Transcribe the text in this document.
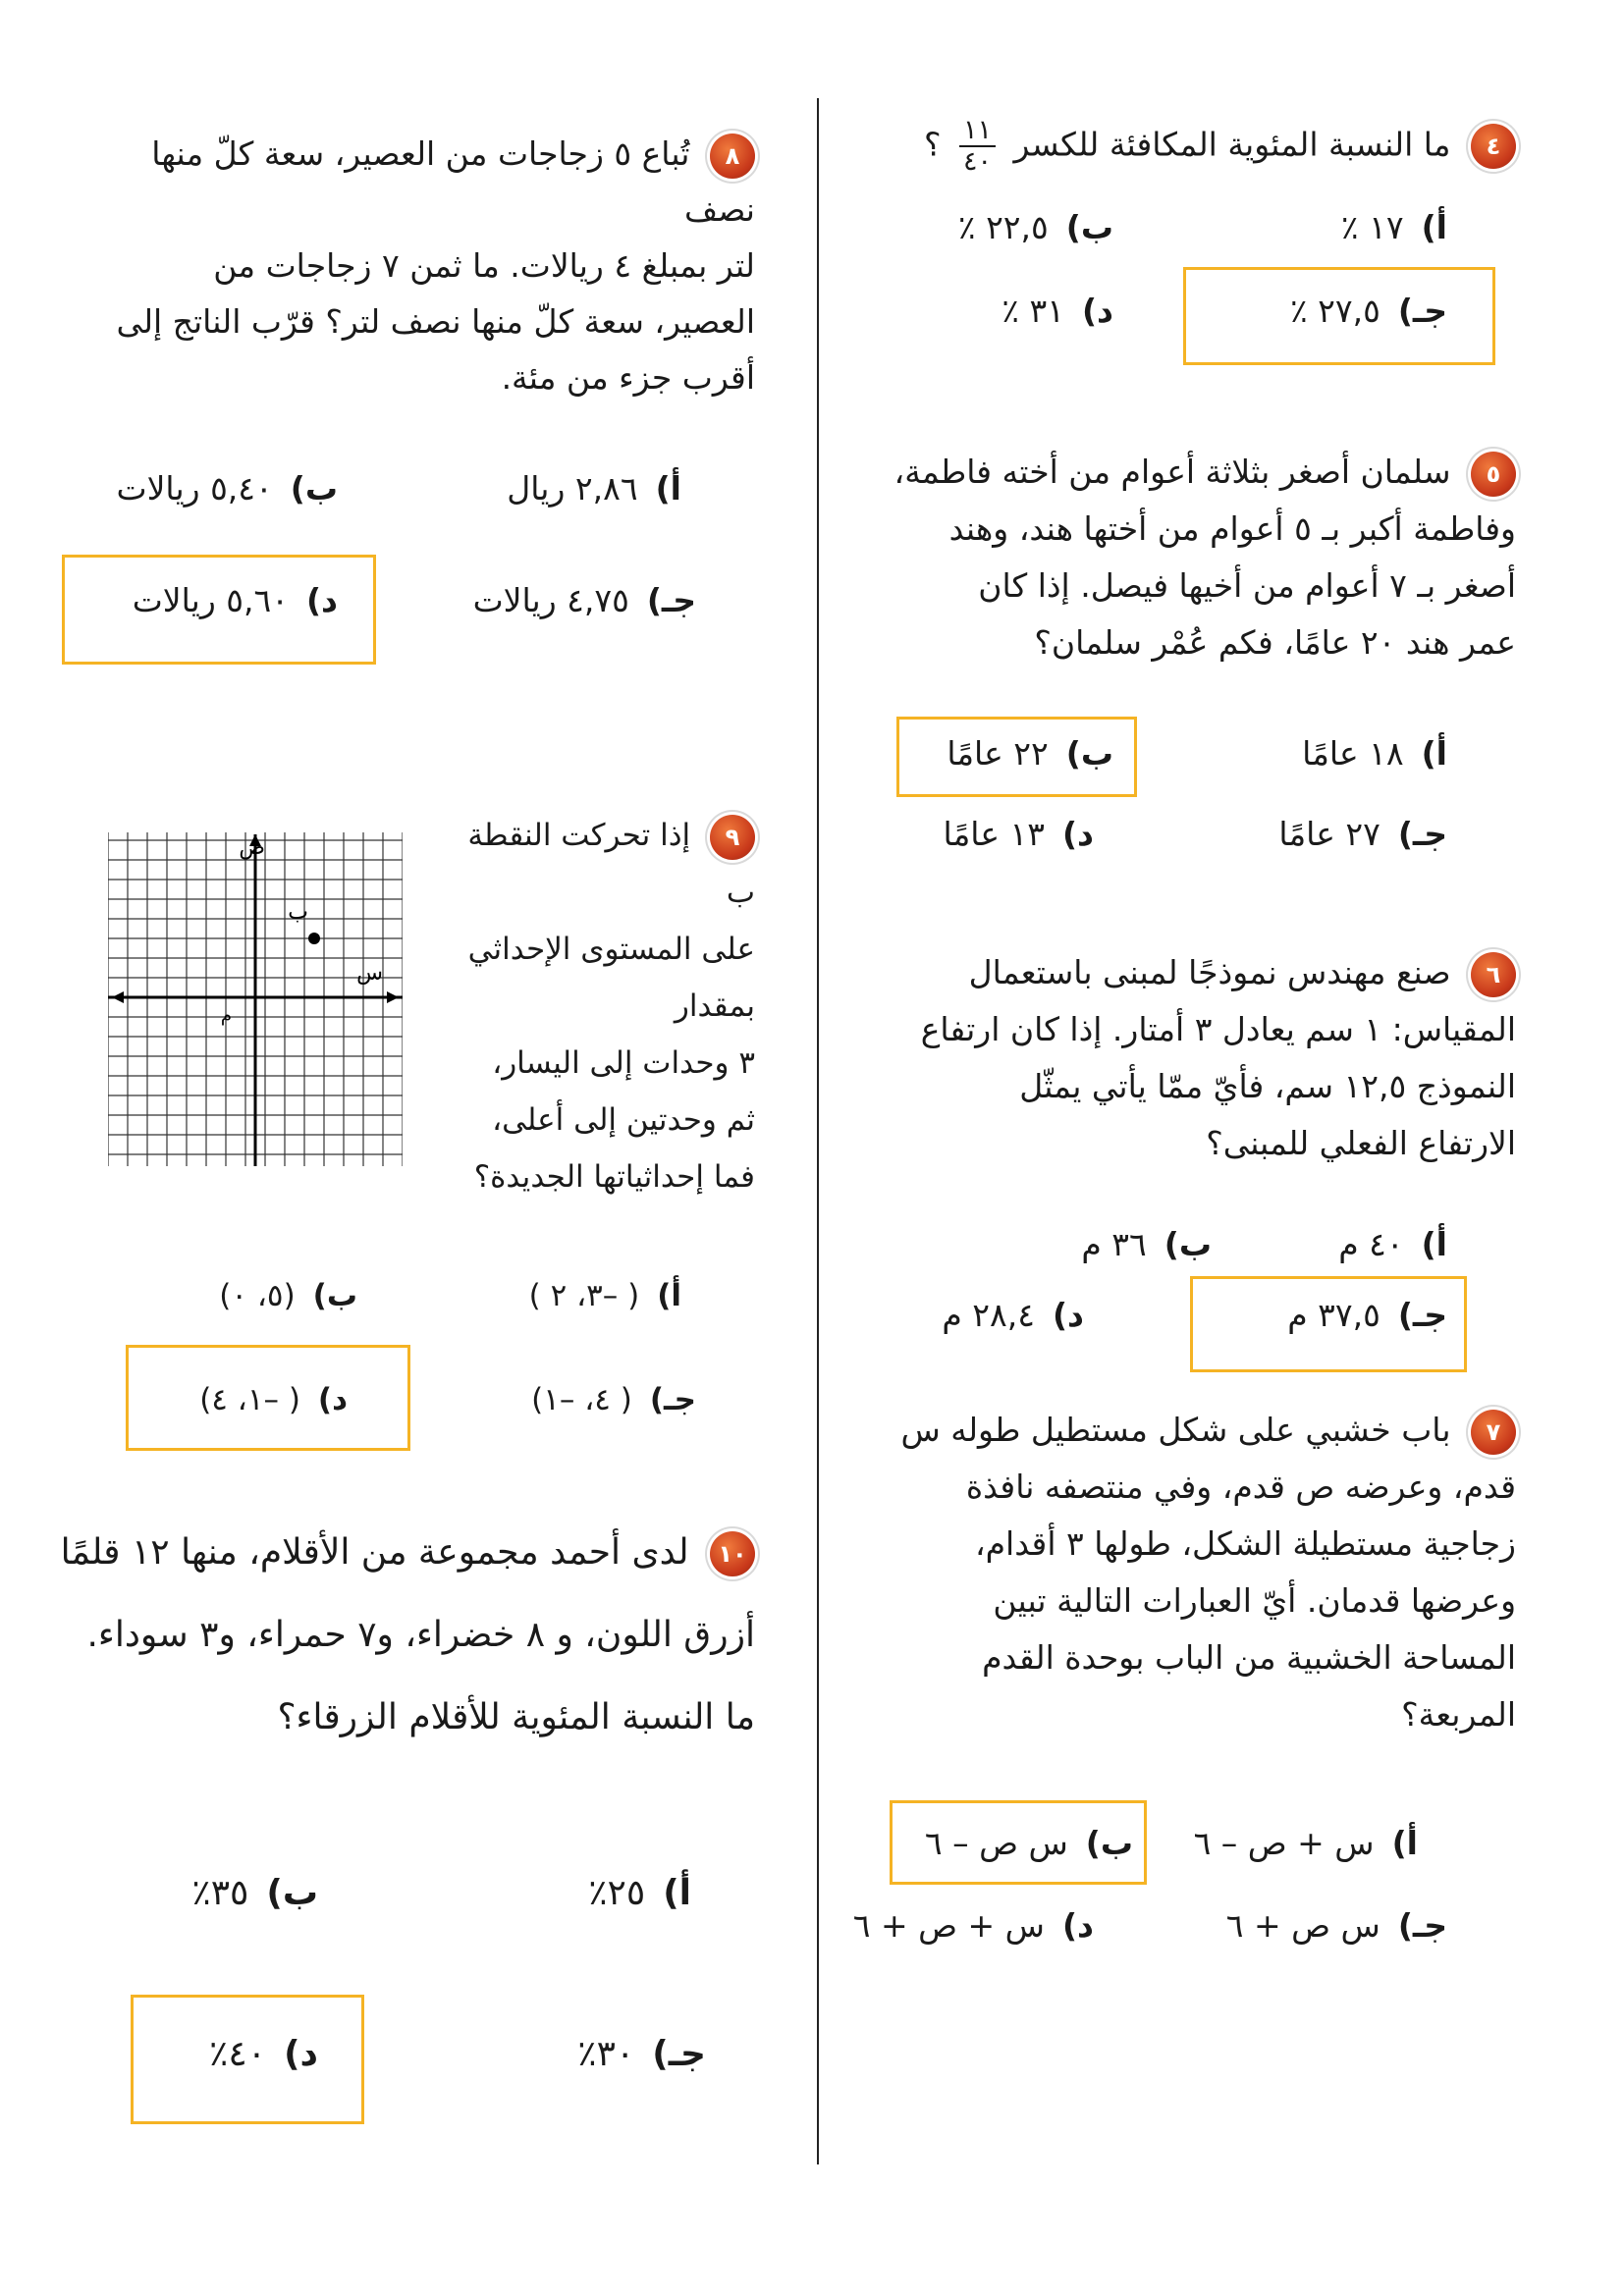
٤ ما النسبة المئوية المكافئة للكسر
$\frac{١١}{٤٠}$
؟

أ)١٧ ٪
ب)٢٢,٥ ٪
جـ)٢٧,٥ ٪
د)٣١ ٪

٥ سلمان أصغر بثلاثة أعوام من أخته فاطمة،
وفاطمة أكبر بـ ٥ أعوام من أختها هند، وهند
أصغر بـ ٧ أعوام من أخيها فيصل. إذا كان
عمر هند ٢٠ عامًا، فكم عُمْر سلمان؟

أ)١٨ عامًا
ب)٢٢ عامًا
جـ)٢٧ عامًا
د)١٣ عامًا

٦ صنع مهندس نموذجًا لمبنى باستعمال
المقياس: ١ سم يعادل ٣ أمتار. إذا كان ارتفاع
النموذج ١٢,٥ سم، فأيّ ممّا يأتي يمثّل
الارتفاع الفعلي للمبنى؟

أ)٤٠ م
ب)٣٦ م
جـ)٣٧,٥ م
د)٢٨,٤ م

٧ باب خشبي على شكل مستطيل طوله س
قدم، وعرضه ص قدم، وفي منتصفه نافذة
زجاجية مستطيلة الشكل، طولها ٣ أقدام،
وعرضها قدمان. أيّ العبارات التالية تبين
المساحة الخشبية من الباب بوحدة القدم
المربعة؟

أ)س + ص – ٦
ب)س ص – ٦
جـ)س ص + ٦
د)س + ص + ٦

٨ تُباع ٥ زجاجات من العصير، سعة كلّ منها نصف
لتر بمبلغ ٤ ريالات. ما ثمن ٧ زجاجات من
العصير، سعة كلّ منها نصف لتر؟ قرّب الناتج إلى
أقرب جزء من مئة.

أ)٢,٨٦ ريال
ب)٥,٤٠ ريالات
جـ)٤,٧٥ ريالات
د)٥,٦٠ ريالات

٩ إذا تحركت النقطة ب
على المستوى الإحداثي
بمقدار
٣ وحدات إلى اليسار،
ثم وحدتين إلى أعلى،
فما إحداثياتها الجديدة؟

ب
س
ص
م
أ)( –٣، ٢ )
ب)(٥، ٠)
جـ)( ٤، –١)
د)( –١، ٤)

١٠ لدى أحمد مجموعة من الأقلام، منها ١٢ قلمًا
أزرق اللون، و ٨ خضراء، و٧ حمراء، و٣ سوداء.
ما النسبة المئوية للأقلام الزرقاء؟

أ)٢٥٪
ب)٣٥٪
جـ)٣٠٪
د)٤٠٪
